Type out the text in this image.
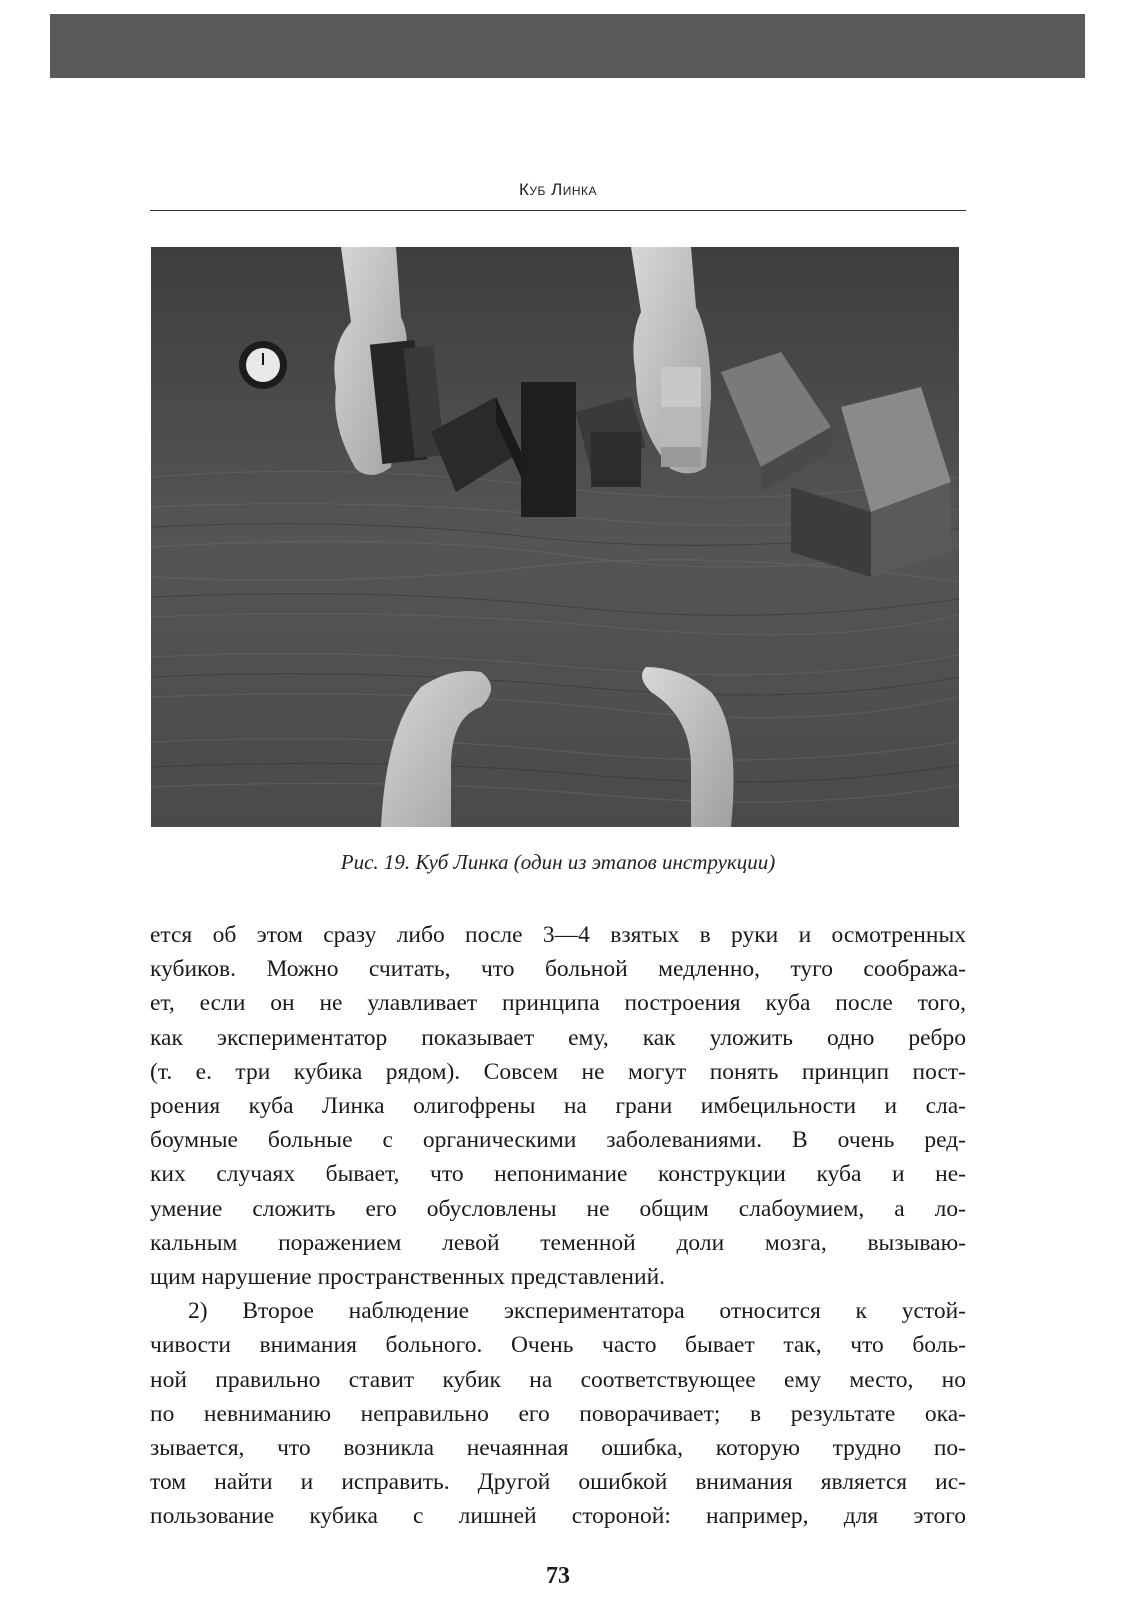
Куб Линка
Рис. 19. Куб Линка (один из этапов инструкции)
ется об этом сразу либо после 3—4 взятых в руки и осмотренных
кубиков. Можно считать, что больной медленно, туго сообража-
ет, если он не улавливает принципа построения куба после того,
как экспериментатор показывает ему, как уложить одно ребро
(т. е. три кубика рядом). Совсем не могут понять принцип пост-
роения куба Линка олигофрены на грани имбецильности и сла-
боумные больные с органическими заболеваниями. В очень ред-
ких случаях бывает, что непонимание конструкции куба и не-
умение сложить его обусловлены не общим слабоумием, а ло-
кальным поражением левой теменной доли мозга, вызываю-
щим нарушение пространственных представлений.
2) Второе наблюдение экспериментатора относится к устой-
чивости внимания больного. Очень часто бывает так, что боль-
ной правильно ставит кубик на соответствующее ему место, но
по невниманию неправильно его поворачивает; в результате ока-
зывается, что возникла нечаянная ошибка, которую трудно по-
том найти и исправить. Другой ошибкой внимания является ис-
пользование кубика с лишней стороной: например, для этого
73
